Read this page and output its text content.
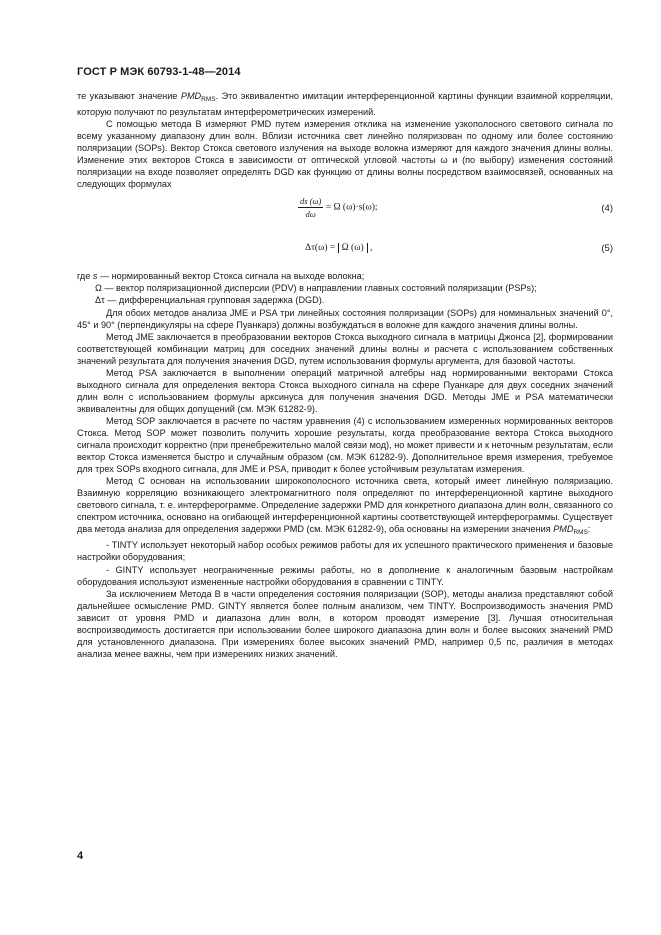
ГОСТ Р МЭК 60793-1-48—2014

те указывают значение $PMD_{RMS}$. Это эквивалентно имитации интерференционной картины функции взаимной корреляции, которую получают по результатам интерферометрических измерений.

С помощью метода В измеряют PMD путем измерения отклика на изменение узкополосного светового сигнала по всему указанному диапазону длин волн. Вблизи источника свет линейно поляризован по одному или более состоянию поляризации (SOPs). Вектор Стокса светового излучения на выходе волокна измеряют для каждого значения длины волны. Изменение этих векторов Стокса в зависимости от оптической угловой частоты ω и (по выбору) изменения состояний поляризации на входе позволяет определять DGD как функцию от длины волны посредством взаимосвязей, основанных на следующих формулах

$\frac{ds (\omega)}{d\omega} = \Omega$ (ω)·s(ω);	(4)
Δτ(ω) = Ω (ω) ,	(5)

где s — нормированный вектор Стокса сигнала на выходе волокна;

Ω — вектор поляризационной дисперсии (PDV) в направлении главных состояний поляризации (PSPs);

Δτ — дифференциальная групповая задержка (DGD).

Для обоих методов анализа JME и PSA три линейных состояния поляризации (SOPs) для номинальных значений 0°, 45° и 90° (перпендикуляры на сфере Пуанкарэ) должны возбуждаться в волокне для каждого значения длины волны.

Метод JME заключается в преобразовании векторов Стокса выходного сигнала в матрицы Джонса [2], формировании соответствующей комбинации матриц для соседних значений длины волны и расчета с использованием собственных значений результата для получения значения DGD, путем использования формулы аргумента, для базовой частоты.

Метод PSA заключается в выполнении операций матричной алгебры над нормированными векторами Стокса выходного сигнала для определения вектора Стокса выходного сигнала на сфере Пуанкаре для двух соседних значений длин волн с использованием формулы арксинуса для получения значения DGD. Методы JME и PSA математически эквивалентны для общих допущений (см. МЭК 61282-9).

Метод SOP заключается в расчете по частям уравнения (4) с использованием измеренных нормированных векторов Стокса. Метод SOP может позволить получить хорошие результаты, когда преобразование вектора Стокса выходного сигнала происходит корректно (при пренебрежительно малой связи мод), но может привести и к неточным результатам, если вектор Стокса изменяется быстро и случайным образом (см. МЭК 61282-9). Дополнительное время измерения, требуемое для трех SOPs входного сигнала, для JME и PSA, приводит к более устойчивым результатам измерения.

Метод С основан на использовании широкополосного источника света, который имеет линейную поляризацию. Взаимную корреляцию возникающего электромагнитного поля определяют по интерференционной картине выходного светового сигнала, т. е. интерферограмме. Определение задержки PMD для конкретного диапазона длин волн, связанного со спектром источника, основано на огибающей интерференционной картины соответствующей интерферограммы. Существует два метода анализа для определения задержки PMD (см. МЭК 61282-9), оба основаны на измерении значения $PMD_{RMS}$:

- TINTY использует некоторый набор особых режимов работы для их успешного практического применения и базовые настройки оборудования;

- GINTY использует неограниченные режимы работы, но в дополнение к аналогичным базовым настройкам оборудования используют измененные настройки оборудования в сравнении с TINTY.

За исключением Метода В в части определения состояния поляризации (SOP), методы анализа представляют собой дальнейшее осмысление PMD. GINTY является более полным анализом, чем TINTY. Воспроизводимость значения PMD зависит от уровня PMD и диапазона длин волн, в котором проводят измерение [3]. Лучшая относительная воспроизводимость достигается при использовании более широкого диапазона длин волн и более высоких значений PMD для установленного диапазона. При измерениях более высоких значений PMD, например 0,5 пс, различия в методах анализа менее важны, чем при измерениях низких значений.

4
